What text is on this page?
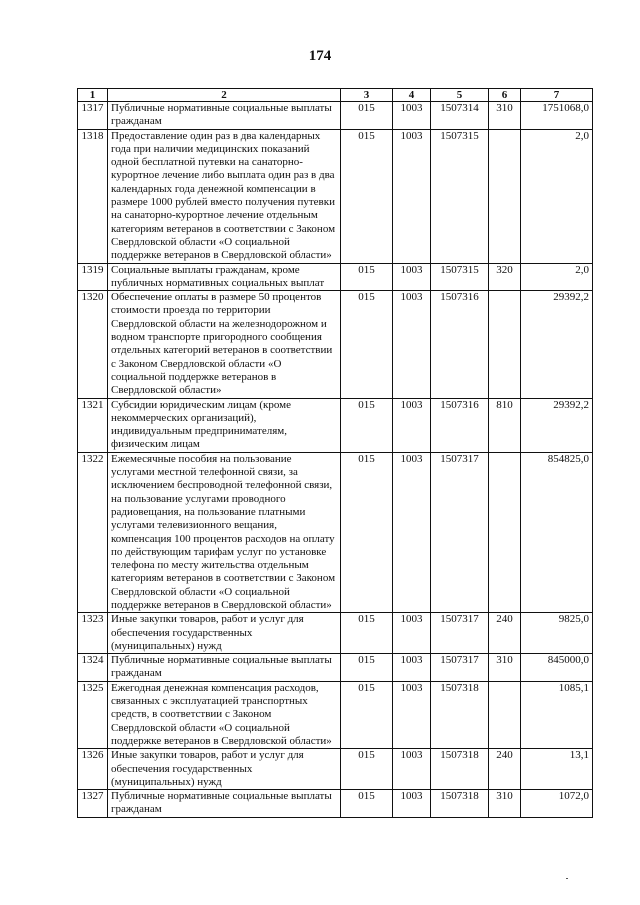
174
1	2	3	4	5	6	7
1317	Публичные нормативные социальные выплаты гражданам	015	1003	1507314	310	1751068,0
1318	Предоставление один раз в два календарных года при наличии медицинских показаний одной бесплатной путевки на санаторно-курортное лечение либо выплата один раз в два календарных года денежной компенсации в размере 1000 рублей вместо получения путевки на санаторно-курортное лечение отдельным категориям ветеранов в соответствии с Законом Свердловской области «О социальной поддержке ветеранов в Свердловской области»	015	1003	1507315		2,0
1319	Социальные выплаты гражданам, кроме публичных нормативных социальных выплат	015	1003	1507315	320	2,0
1320	Обеспечение оплаты в размере 50 процентов стоимости проезда по территории Свердловской области на железнодорожном и водном транспорте пригородного сообщения отдельных категорий ветеранов в соответствии с Законом Свердловской области «О социальной поддержке ветеранов в Свердловской области»	015	1003	1507316		29392,2
1321	Субсидии юридическим лицам (кроме некоммерческих организаций), индивидуальным предпринимателям, физическим лицам	015	1003	1507316	810	29392,2
1322	Ежемесячные пособия на пользование услугами местной телефонной связи, за исключением беспроводной телефонной связи, на пользование услугами проводного радиовещания, на пользование платными услугами телевизионного вещания, компенсация 100 процентов расходов на оплату по действующим тарифам услуг по установке телефона по месту жительства отдельным категориям ветеранов в соответствии с Законом Свердловской области «О социальной поддержке ветеранов в Свердловской области»	015	1003	1507317		854825,0
1323	Иные закупки товаров, работ и услуг для обеспечения государственных (муниципальных) нужд	015	1003	1507317	240	9825,0
1324	Публичные нормативные социальные выплаты гражданам	015	1003	1507317	310	845000,0
1325	Ежегодная денежная компенсация расходов, связанных с эксплуатацией транспортных средств, в соответствии с Законом Свердловской области «О социальной поддержке ветеранов в Свердловской области»	015	1003	1507318		1085,1
1326	Иные закупки товаров, работ и услуг для обеспечения государственных (муниципальных) нужд	015	1003	1507318	240	13,1
1327	Публичные нормативные социальные выплаты гражданам	015	1003	1507318	310	1072,0
